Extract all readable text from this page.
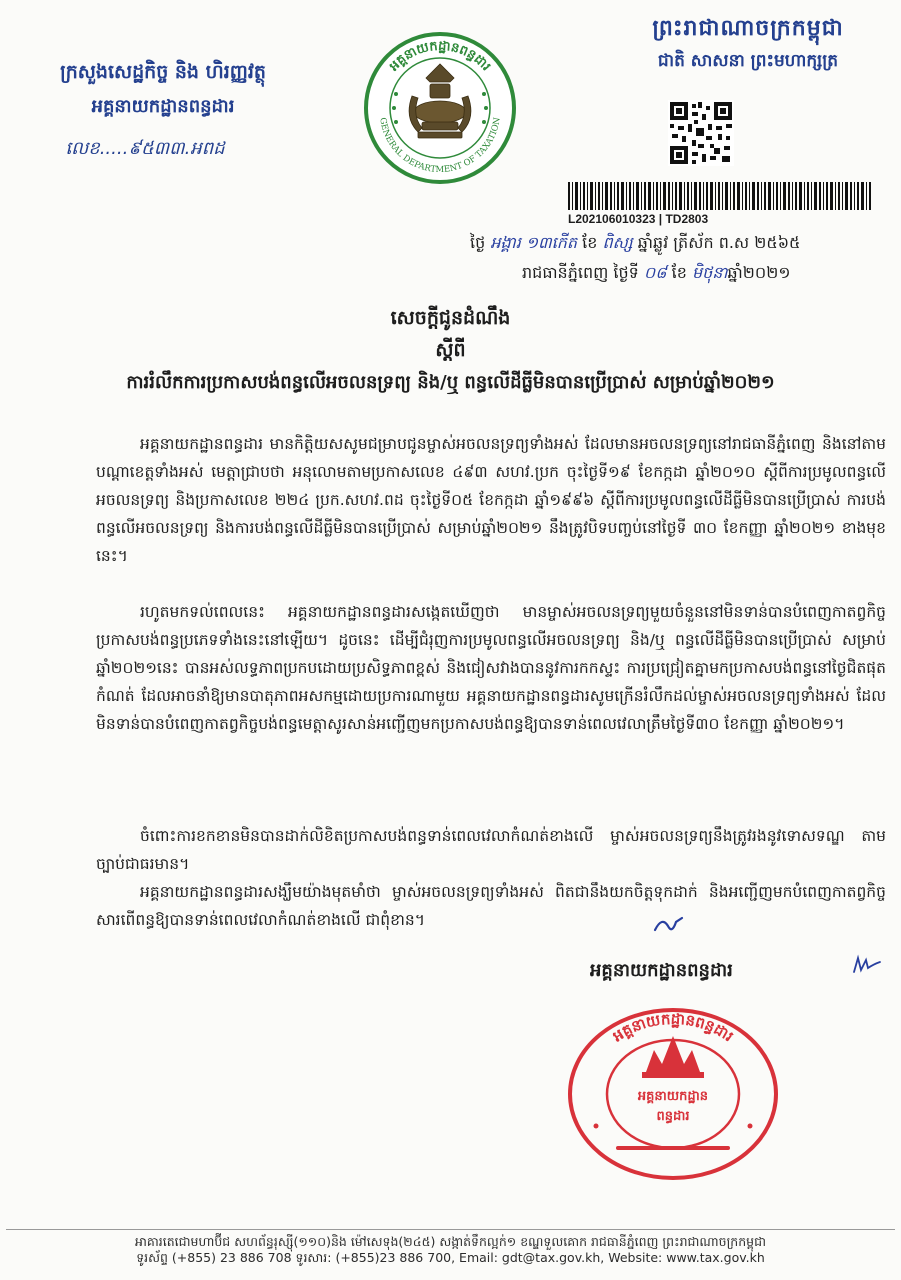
ព្រះរាជាណាចក្រកម្ពុជា
ជាតិ សាសនា ព្រះមហាក្សត្រ
ក្រសួងសេដ្ឋកិច្ច និង ហិរញ្ញវត្ថុ
អគ្គនាយកដ្ឋានពន្ធដារ
លេខ.....៩៥៣៣.អពដ
អគ្គនាយកដ្ឋានពន្ធដារ
GENERAL DEPARTMENT OF TAXATION
L202106010323 | TD2803
ថ្ងៃ អង្គារ ១៣កើត ខែ ពិស្ស ឆ្នាំឆ្លូវ ត្រីស័ក ព.ស ២៥៦៥
រាជធានីភ្នំពេញ ថ្ងៃទី ០៨ ខែ មិថុនាឆ្នាំ២០២១
សេចក្តីជូនដំណឹង
ស្តីពី
ការរំលឹកការប្រកាសបង់ពន្ធលើអចលនទ្រព្យ និង/ឬ ពន្ធលើដីធ្លីមិនបានប្រើប្រាស់ សម្រាប់ឆ្នាំ២០២១
អគ្គនាយកដ្ឋានពន្ធដារ មានកិត្តិយសសូមជម្រាបជូនម្ចាស់អចលនទ្រព្យទាំងអស់ ដែលមានអចលនទ្រព្យនៅរាជធានីភ្នំពេញ និងនៅតាមបណ្តាខេត្តទាំងអស់ មេត្តាជ្រាបថា អនុលោមតាមប្រកាសលេខ ៤៩៣ សហវ.ប្រក ចុះថ្ងៃទី១៩ ខែកក្កដា ឆ្នាំ២០១០ ស្តីពីការប្រមូលពន្ធលើអចលនទ្រព្យ និងប្រកាសលេខ ២២៤ ប្រក.សហវ.ពដ ចុះថ្ងៃទី០៥ ខែកក្កដា ឆ្នាំ១៩៩៦ ស្តីពីការប្រមូលពន្ធលើដីធ្លីមិនបានប្រើប្រាស់ ការបង់ពន្ធលើអចលនទ្រព្យ និងការបង់ពន្ធលើដីធ្លីមិនបានប្រើប្រាស់ សម្រាប់ឆ្នាំ២០២១ នឹងត្រូវបិទបញ្ចប់នៅថ្ងៃទី ៣០ ខែកញ្ញា ឆ្នាំ២០២១ ខាងមុខនេះ។
រហូតមកទល់ពេលនេះ អគ្គនាយកដ្ឋានពន្ធដារសង្កេតឃើញថា មានម្ចាស់អចលនទ្រព្យមួយចំនួននៅមិនទាន់បានបំពេញកាតព្វកិច្ចប្រកាសបង់ពន្ធប្រភេទទាំងនេះនៅឡើយ។ ដូចនេះ ដើម្បីជំរុញការប្រមូលពន្ធលើអចលនទ្រព្យ និង/ឬ ពន្ធលើដីធ្លីមិនបានប្រើប្រាស់ សម្រាប់ឆ្នាំ២០២១នេះ បានអស់លទ្ធភាពប្រកបដោយប្រសិទ្ធភាពខ្ពស់ និងជៀសវាងបាននូវការកកស្ទះ ការប្រជ្រៀតគ្នាមកប្រកាសបង់ពន្ធនៅថ្ងៃជិតផុតកំណត់ ដែលអាចនាំឱ្យមានបាតុភាពអសកម្មដោយប្រការណាមួយ អគ្គនាយកដ្ឋានពន្ធដារសូមក្រើនរំលឹកដល់ម្ចាស់អចលនទ្រព្យទាំងអស់ ដែលមិនទាន់បានបំពេញកាតព្វកិច្ចបង់ពន្ធមេត្តាសូរសាន់អញ្ជើញមកប្រកាសបង់ពន្ធឱ្យបានទាន់ពេលវេលាត្រឹមថ្ងៃទី៣០ ខែកញ្ញា ឆ្នាំ២០២១។
ចំពោះការខកខានមិនបានដាក់លិខិតប្រកាសបង់ពន្ធទាន់ពេលវេលាកំណត់ខាងលើ ម្ចាស់អចលនទ្រព្យនឹងត្រូវរងនូវទោសទណ្ឌ តាមច្បាប់ជាធរមាន។
អគ្គនាយកដ្ឋានពន្ធដារសង្ឃឹមយ៉ាងមុតមាំថា ម្ចាស់អចលនទ្រព្យទាំងអស់ ពិតជានឹងយកចិត្តទុកដាក់ និងអញ្ជើញមកបំពេញកាតព្វកិច្ចសារពើពន្ធឱ្យបានទាន់ពេលវេលាកំណត់ខាងលើ ជាពុំខាន។
អគ្គនាយកដ្ឋានពន្ធដារ
អគ្គនាយកដ្ឋានពន្ធដារ
អគ្គនាយកដ្ឋាន
ពន្ធដារ
អាគារតេជោមហាប៊ីជ សហព័ន្ធរុស្ស៊ី(១១០)និង ម៉ៅសេទុង(២៤៥) សង្កាត់ទឹកល្អក់១ ខណ្ឌទួលគោក រាជធានីភ្នំពេញ ព្រះរាជាណាចក្រកម្ពុជា
ទូរស័ព្ទ (+855) 23 886 708 ទូរសារ: (+855)23 886 700, Email: gdt@tax.gov.kh, Website: www.tax.gov.kh
